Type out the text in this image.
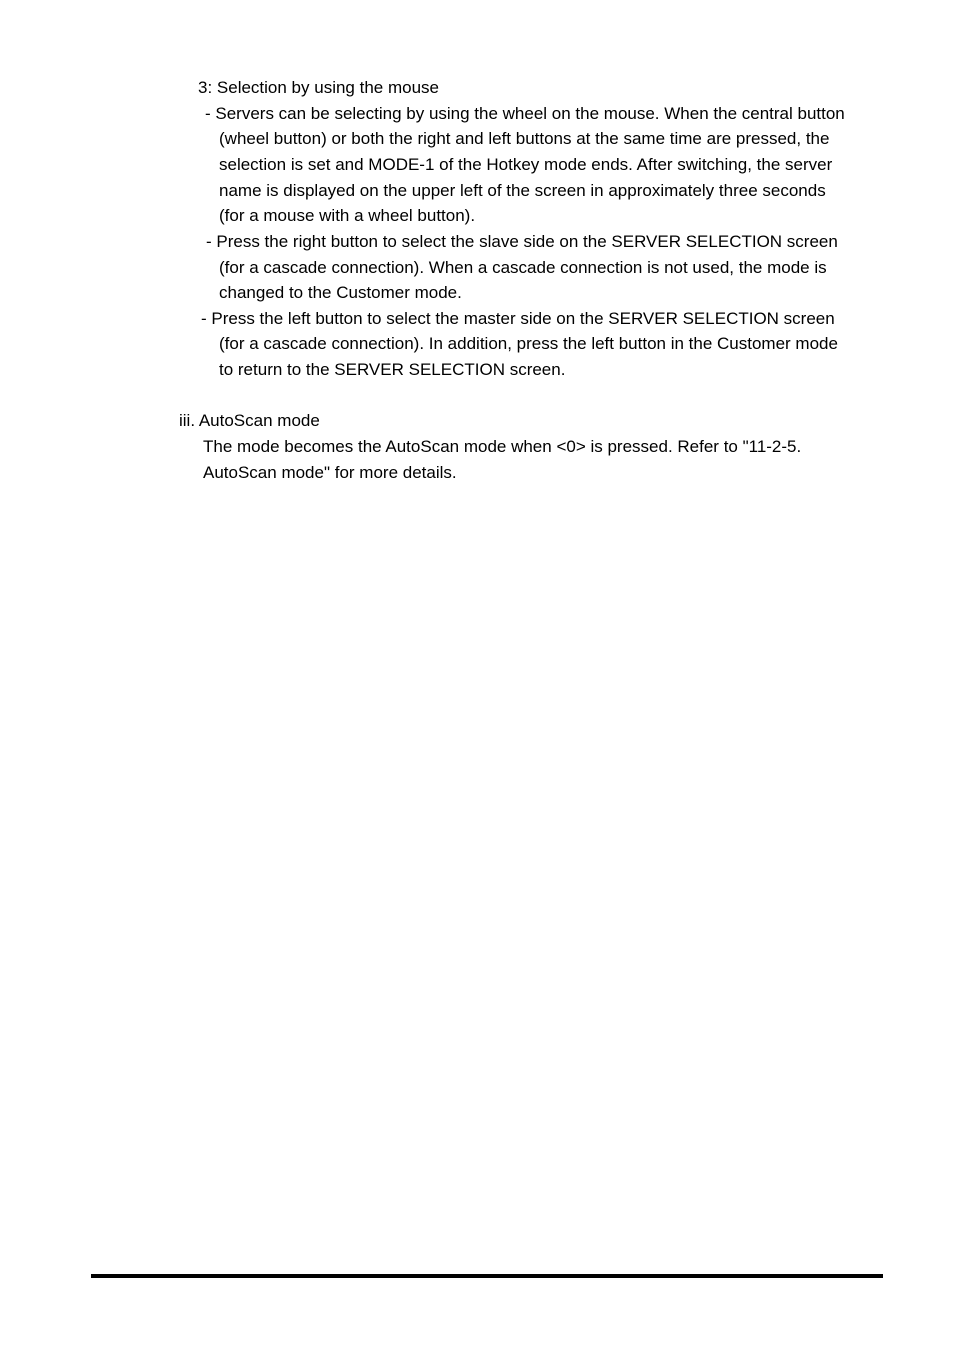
3: Selection by using the mouse
- Servers can be selecting by using the wheel on the mouse. When the central button
(wheel button) or both the right and left buttons at the same time are pressed, the
selection is set and MODE-1 of the Hotkey mode ends. After switching, the server
name is displayed on the upper left of the screen in approximately three seconds
(for a mouse with a wheel button).
- Press the right button to select the slave side on the SERVER SELECTION screen
(for a cascade connection). When a cascade connection is not used, the mode is
changed to the Customer mode.
- Press the left button to select the master side on the SERVER SELECTION screen
(for a cascade connection). In addition, press the left button in the Customer mode
to return to the SERVER SELECTION screen.
iii. AutoScan mode
The mode becomes the AutoScan mode when <0> is pressed. Refer to "11-2-5.
AutoScan mode" for more details.
